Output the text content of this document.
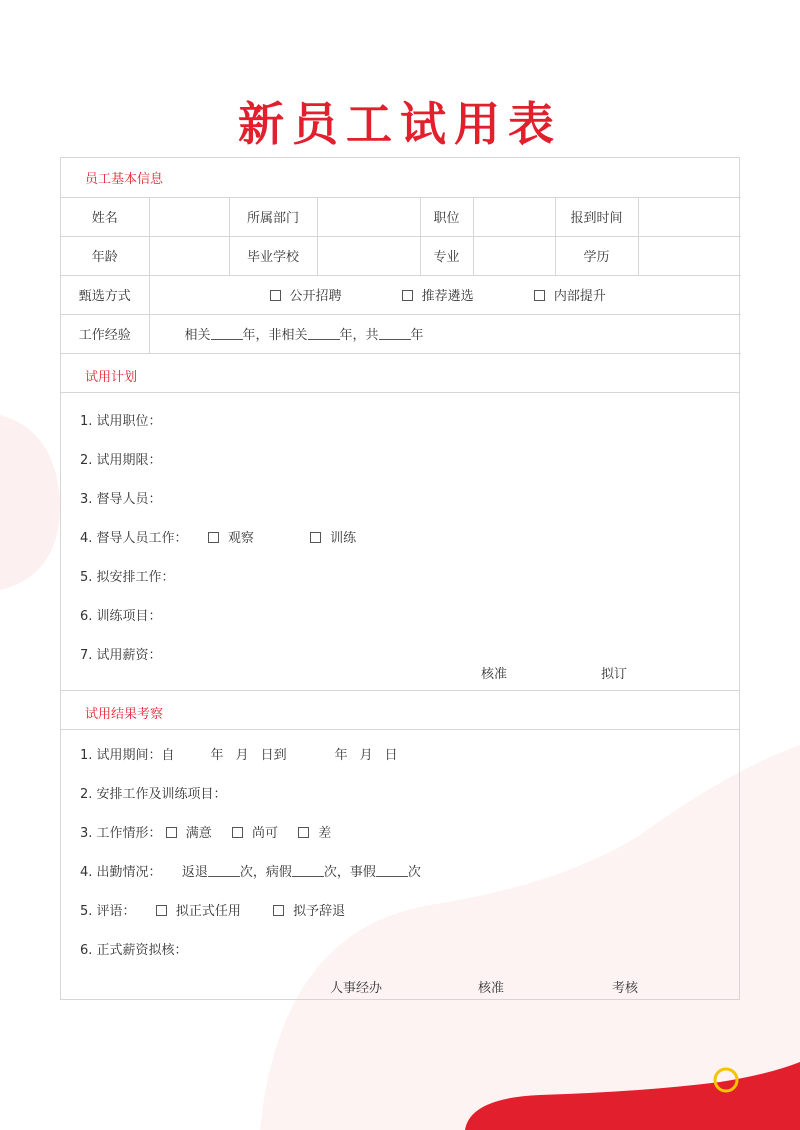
新员工试用表
员工基本信息							
姓名		所属部门		职位		报到时间	
年龄		毕业学校		专业		学历	
甄选方式	公开招聘 推荐遴选 内部提升						
工作经验	相关 年，非相关 年，共 年						
试用计划
1. 试用职位：
2. 试用期限：
3. 督导人员：
4. 督导人员工作：	观察	训练
5. 拟安排工作：
6. 训练项目：
7. 试用薪资：
核准	拟订
试用结果考察
1. 试用期间：自	年 月 日到	年 月 日
2. 安排工作及训练项目：
3. 工作情形： 满意	尚可	差
4. 出勤情况： 返退 次，病假 次，事假 次
5. 评语：	拟正式任用	拟予辞退
6. 正式薪资拟核：
人事经办	核准	考核
